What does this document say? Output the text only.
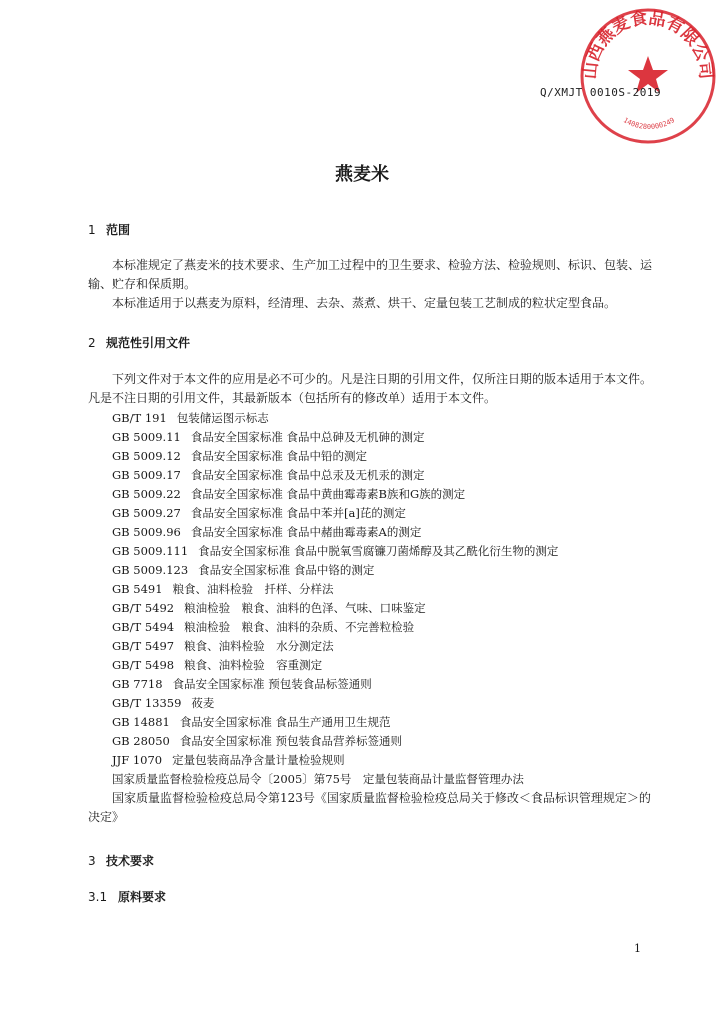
山西燕麦食品有限公司
1408280000249
Q/XMJT 0010S-2019
燕麦米
1 范围
本标准规定了燕麦米的技术要求、生产加工过程中的卫生要求、检验方法、检验规则、标识、包装、运输、贮存和保质期。
本标准适用于以燕麦为原料，经清理、去杂、蒸煮、烘干、定量包装工艺制成的粒状定型食品。
2 规范性引用文件
下列文件对于本文件的应用是必不可少的。凡是注日期的引用文件，仅所注日期的版本适用于本文件。凡是不注日期的引用文件，其最新版本（包括所有的修改单）适用于本文件。
GB/T 191 包装储运图示标志
GB 5009.11 食品安全国家标准 食品中总砷及无机砷的测定
GB 5009.12 食品安全国家标准 食品中铅的测定
GB 5009.17 食品安全国家标准 食品中总汞及无机汞的测定
GB 5009.22 食品安全国家标准 食品中黄曲霉毒素B族和G族的测定
GB 5009.27 食品安全国家标准 食品中苯并[a]芘的测定
GB 5009.96 食品安全国家标准 食品中赭曲霉毒素A的测定
GB 5009.111 食品安全国家标准 食品中脱氧雪腐镰刀菌烯醇及其乙酰化衍生物的测定
GB 5009.123 食品安全国家标准 食品中铬的测定
GB 5491 粮食、油料检验　扦样、分样法
GB/T 5492 粮油检验　粮食、油料的色泽、气味、口味鉴定
GB/T 5494 粮油检验　粮食、油料的杂质、不完善粒检验
GB/T 5497 粮食、油料检验　水分测定法
GB/T 5498 粮食、油料检验　容重测定
GB 7718 食品安全国家标准 预包装食品标签通则
GB/T 13359 莜麦
GB 14881 食品安全国家标准 食品生产通用卫生规范
GB 28050 食品安全国家标准 预包装食品营养标签通则
JJF 1070 定量包装商品净含量计量检验规则
国家质量监督检验检疫总局令〔2005〕第75号　定量包装商品计量监督管理办法
国家质量监督检验检疫总局令第123号《国家质量监督检验检疫总局关于修改＜食品标识管理规定＞的决定》
3 技术要求
3.1 原料要求
1
